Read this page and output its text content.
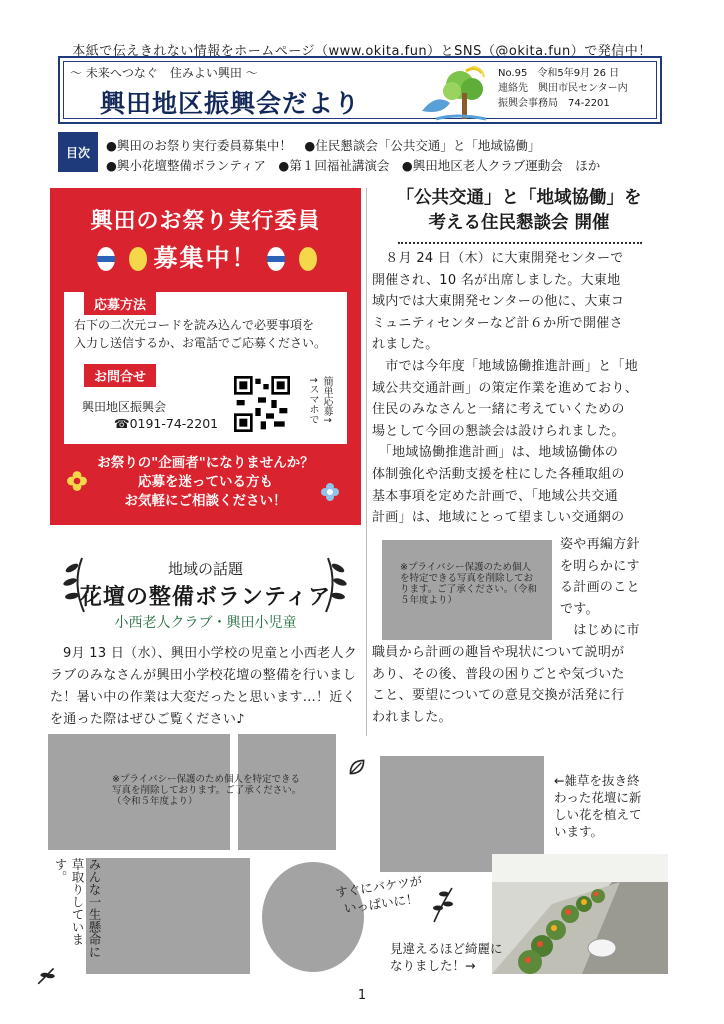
本紙で伝えきれない情報をホームページ（www.okita.fun）とSNS（@okita.fun）で発信中！
〜 未来へつなぐ　住みよい興田 〜
興田地区振興会だより
No.95　令和5年9月 26 日
連絡先　興田市民センター内
振興会事務局　74-2201
目次	●興田のお祭り実行委員募集中！　●住民懇談会「公共交通」と「地域協働」
●興小花壇整備ボランティア　●第１回福祉講演会　●興田地区老人クラブ運動会　ほか
興田のお祭り実行委員
募集中！
応募方法
右下の二次元コードを読み込んで必要事項を
入力し送信するか、お電話でご応募ください。
お問合せ
興田地区振興会
☎0191-74-2201	↑スマホで 簡単応募↑
お祭りの"企画者"になりませんか？
応募を迷っている方も
お気軽にご相談ください！
地域の話題
花壇の整備ボランティア
小西老人クラブ・興田小児童
9月 13 日（水）、興田小学校の児童と小西老人クラブのみなさんが興田小学校花壇の整備を行いました！暑い中の作業は大変だったと思います…！近くを通った際はぜひご覧ください♪
「公共交通」と「地域協働」を
考える住民懇談会 開催
　８月 24 日（木）に大東開発センターで
開催され、10 名が出席しました。大東地
域内では大東開発センターの他に、大東コ
ミュニティセンターなど計６か所で開催さ
れました。
　市では今年度「地域協働推進計画」と「地
域公共交通計画」の策定作業を進めており、
住民のみなさんと一緒に考えていくための
場として今回の懇談会は設けられました。
　「地域協働推進計画」は、地域協働体の
体制強化や活動支援を柱にした各種取組の
基本事項を定めた計画で、「地域公共交通
計画」は、地域にとって望ましい交通網の
※プライバシー保護のため個人を特定できる写真を削除しております。ご了承ください。（令和５年度より）
姿や再編方針
を明らかにす
る計画のこと
です。
　はじめに市
職員から計画の趣旨や現状について説明が
あり、その後、普段の困りごとや気づいた
こと、要望についての意見交換が活発に行
われました。
※プライバシー保護のため個人を特定できる写真を削除しております。ご了承ください。（令和５年度より）
みんな一生懸命に草取りしています。
すぐにバケツがいっぱいに！
←雑草を抜き終わった花壇に新しい花を植えています。
見違えるほど綺麗になりました！→
1
